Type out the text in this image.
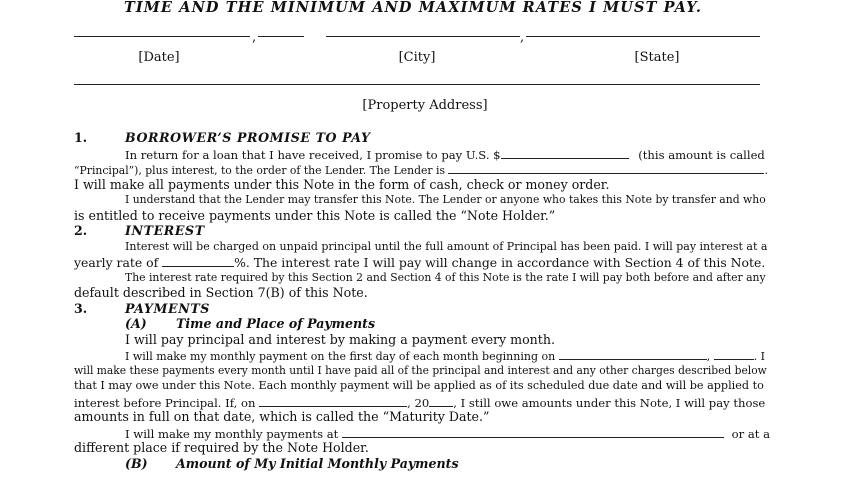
TIME AND THE MINIMUM AND MAXIMUM RATES I MUST PAY.
,	,
[Date]	[City]	[State]
[Property Address]

1.	BORROWER’S PROMISE TO PAY

In return for a loan that I have received, I promise to pay U.S. $	(this amount is called

“Principal”), plus interest, to the order of the Lender. The Lender is	.

I will make all payments under this Note in the form of cash, check or money order.

I understand that the Lender may transfer this Note. The Lender or anyone who takes this Note by transfer and who

is entitled to receive payments under this Note is called the “Note Holder.”

2.	INTEREST

Interest will be charged on unpaid principal until the full amount of Principal has been paid. I will pay interest at a

yearly rate of	%. The interest rate I will pay will change in accordance with Section 4 of this Note.

The interest rate required by this Section 2 and Section 4 of this Note is the rate I will pay both before and after any

default described in Section 7(B) of this Note.

3.	PAYMENTS

(A) Time and Place of Payments

I will pay principal and interest by making a payment every month.

I will make my monthly payment on the first day of each month beginning on	,	. I

will make these payments every month until I have paid all of the principal and interest and any other charges described below

that I may owe under this Note. Each monthly payment will be applied as of its scheduled due date and will be applied to

interest before Principal. If, on	, 20 , I still owe amounts under this Note, I will pay those

amounts in full on that date, which is called the “Maturity Date.”

I will make my monthly payments at	or at a

different place if required by the Note Holder.

(B) Amount of My Initial Monthly Payments
